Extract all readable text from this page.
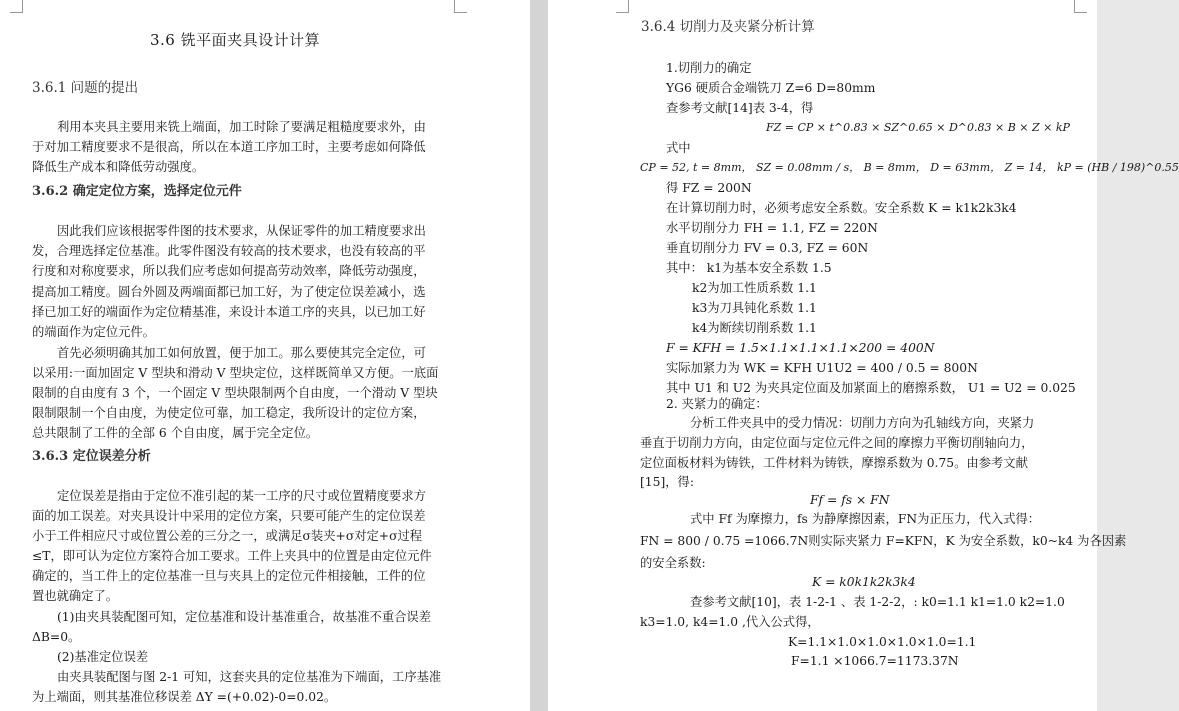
3.6 铣平面夹具设计计算
3.6.1 问题的提出
利用本夹具主要用来铣上端面，加工时除了要满足粗糙度要求外，由
于对加工精度要求不是很高，所以在本道工序加工时，主要考虑如何降低
降低生产成本和降低劳动强度。
3.6.2 确定定位方案，选择定位元件
因此我们应该根据零件图的技术要求，从保证零件的加工精度要求出
发，合理选择定位基准。此零件图没有较高的技术要求，也没有较高的平
行度和对称度要求，所以我们应考虑如何提高劳动效率，降低劳动强度，
提高加工精度。圆台外圆及两端面都已加工好，为了使定位误差减小，选
择已加工好的端面作为定位精基准，来设计本道工序的夹具，以已加工好
的端面作为定位元件。
首先必须明确其加工如何放置，便于加工。那么要使其完全定位，可
以采用:一面加固定 V 型块和滑动 V 型块定位，这样既简单又方便。一底面
限制的自由度有 3 个，一个固定 V 型块限制两个自由度，一个滑动 V 型块
限制限制一个自由度，为使定位可靠，加工稳定，我所设计的定位方案，
总共限制了工件的全部 6 个自由度，属于完全定位。
3.6.3 定位误差分析
定位误差是指由于定位不准引起的某一工序的尺寸或位置精度要求方
面的加工误差。对夹具设计中采用的定位方案，只要可能产生的定位误差
小于工件相应尺寸或位置公差的三分之一，或满足σ装夹+σ对定+σ过程
≤T，即可认为定位方案符合加工要求。工件上夹具中的位置是由定位元件
确定的，当工件上的定位基准一旦与夹具上的定位元件相接触，工件的位
置也就确定了。
(1)由夹具装配图可知，定位基准和设计基准重合，故基准不重合误差
ΔB=0。
(2)基准定位误差
由夹具装配图与图 2-1 可知，这套夹具的定位基准为下端面，工序基准
为上端面，则其基准位移误差 ΔY =(+0.02)-0=0.02。
3.6.4 切削力及夹紧分析计算
1.切削力的确定
YG6 硬质合金端铣刀 Z=6 D=80mm
查参考文献[14]表 3-4，得
FZ = CP × t^0.83 × SZ^0.65 × D^0.83 × B × Z × kP
式中
CP = 52, t = 8mm， SZ = 0.08mm / s， B = 8mm， D = 63mm， Z = 14， kP = (HB / 198)^0.55
得 FZ = 200N
在计算切削力时，必须考虑安全系数。安全系数 K = k1k2k3k4
水平切削分力 FH = 1.1, FZ = 220N
垂直切削分力 FV = 0.3, FZ = 60N
其中： k1为基本安全系数 1.5
k2为加工性质系数 1.1
k3为刀具钝化系数 1.1
k4为断续切削系数 1.1
F = KFH = 1.5×1.1×1.1×1.1×200 = 400N
实际加紧力为 WK = KFH U1U2 = 400 / 0.5 = 800N
其中 U1 和 U2 为夹具定位面及加紧面上的磨擦系数， U1 = U2 = 0.025
2. 夹紧力的确定：
分析工件夹具中的受力情况：切削力方向为孔轴线方向，夹紧力
垂直于切削力方向，由定位面与定位元件之间的摩擦力平衡切削轴向力，
定位面板材料为铸铁，工件材料为铸铁，摩擦系数为 0.75。由参考文献
[15]，得:
Ff = fs × FN
式中 Ff 为摩擦力，fs 为静摩擦因素，FN为正压力，代入式得：
FN = 800 / 0.75 =1066.7N则实际夹紧力 F=KFN，K 为安全系数，k0~k4 为各因素
的安全系数:
K = k0k1k2k3k4
查参考文献[10]，表 1-2-1 、表 1-2-2，: k0=1.1 k1=1.0 k2=1.0
k3=1.0, k4=1.0 ,代入公式得，
K=1.1×1.0×1.0×1.0×1.0=1.1
F=1.1 ×1066.7=1173.37N
